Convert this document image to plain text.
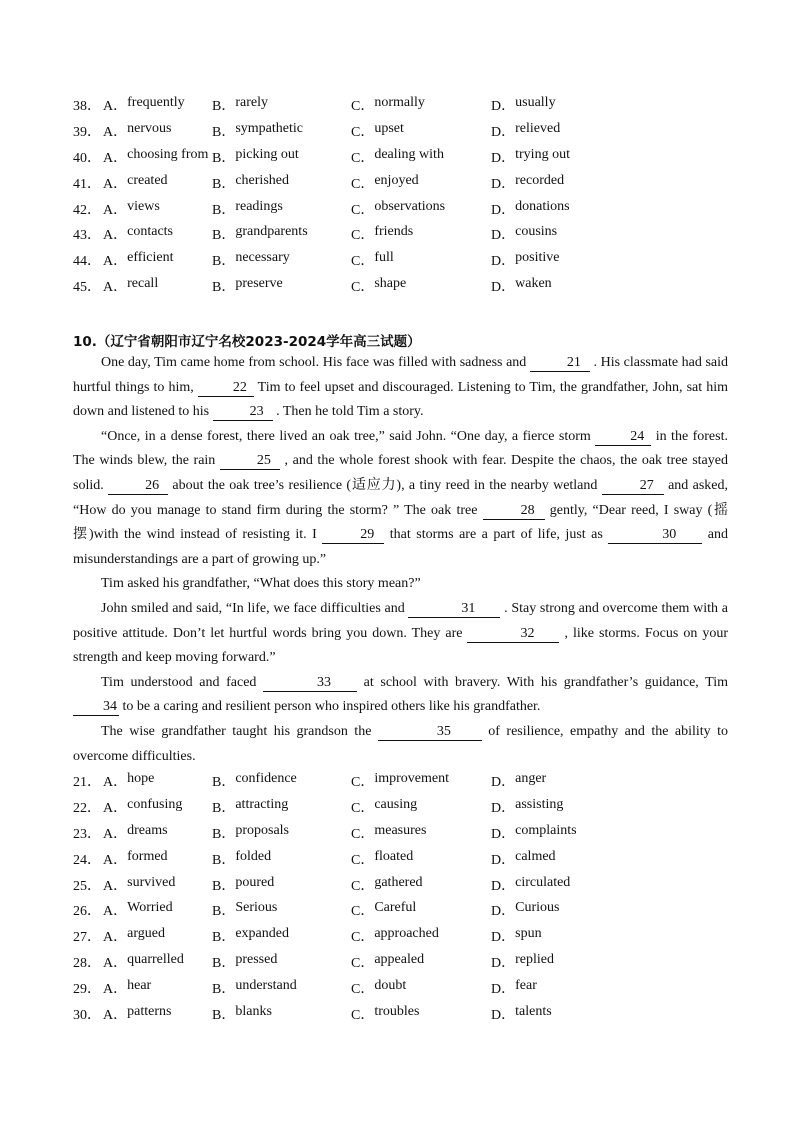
38． A． frequently B． rarely	C． normally	D． usually
39． A． nervous	B． sympathetic	C． upset	D． relieved
40． A． choosing from B． picking out	C． dealing with	D． trying out
41． A． created	B． cherished	C． enjoyed	D． recorded
42． A． views	B． readings	C． observations	D． donations
43． A． contacts	B． grandparents	C． friends	D． cousins
44． A． efficient	B． necessary	C． full	D． positive
45． A． recall	B． preserve	C． shape	D． waken
10.（辽宁省朝阳市辽宁名校2023-2024学年高三试题）

One day, Tim came home from school. His face was filled with sadness and	21 . His classmate had said hurtful things to him,	22 Tim to feel upset and discouraged. Listening to Tim, the grandfather, John, sat him down and listened to his	23 . Then he told Tim a story.

“Once, in a dense forest, there lived an oak tree,” said John. “One day, a fierce storm	24 in the forest. The winds blew, the rain	25 , and the whole forest shook with fear. Despite the chaos, the oak tree stayed solid.	26 about the oak tree’s resilience (适应力), a tiny reed in the nearby wetland	27 and asked, “How do you manage to stand firm during the storm? ” The oak tree	28 gently, “Dear reed, I sway (摇摆)with the wind instead of resisting it. I	29 that storms are a part of life, just as	30 and misunderstandings are a part of growing up.”

Tim asked his grandfather, “What does this story mean?”

John smiled and said, “In life, we face difficulties and	31 . Stay strong and overcome them with a positive attitude. Don’t let hurtful words bring you down. They are	32 , like storms. Focus on your strength and keep moving forward.”

Tim understood and faced	33 at school with bravery. With his grandfather’s guidance, Tim 34 to be a caring and resilient person who inspired others like his grandfather.

The wise grandfather taught his grandson the	35 of resilience, empathy and the ability to overcome difficulties.

21． A． hope	B． confidence	C． improvement	D． anger
22． A． confusing B． attracting	C． causing	D． assisting
23． A． dreams	B． proposals	C． measures	D． complaints
24． A． formed	B． folded	C． floated	D． calmed
25． A． survived	B． poured	C． gathered	D． circulated
26． A． Worried	B． Serious	C． Careful	D． Curious
27． A． argued	B． expanded	C． approached	D． spun
28． A． quarrelled B． pressed	C． appealed	D． replied
29． A． hear	B． understand	C． doubt	D． fear
30． A． patterns	B． blanks	C． troubles	D． talents
